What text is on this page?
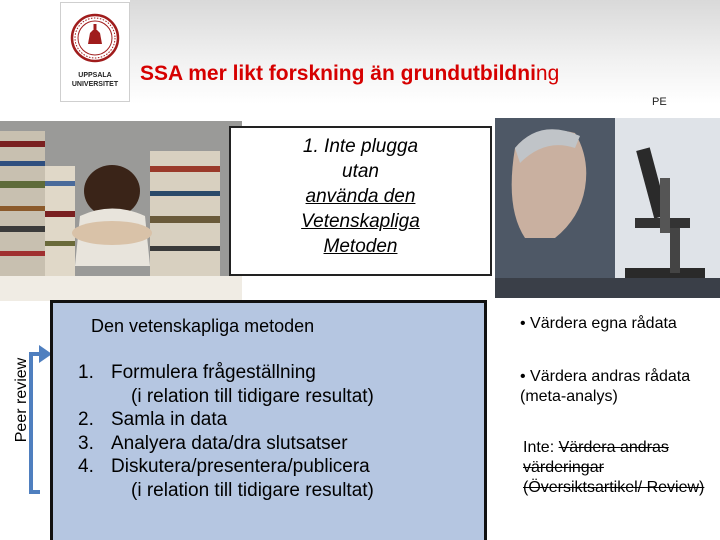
UPPSALA
UNIVERSITET	SSA mer likt forskning än grundutbildning
PE
1. Inte plugga
utan
använda den
Vetenskapliga
Metoden
Peer review
Den vetenskapliga metoden
1. Formulera frågeställning
(i relation till tidigare resultat)
2. Samla in data
3. Analyera data/dra slutsatser
4. Diskutera/presentera/publicera
(i relation till tidigare resultat)
• Värdera egna rådata
• Värdera andras rådata (meta-analys)
Inte: Värdera andras värderingar (Översiktsartikel/ Review)
